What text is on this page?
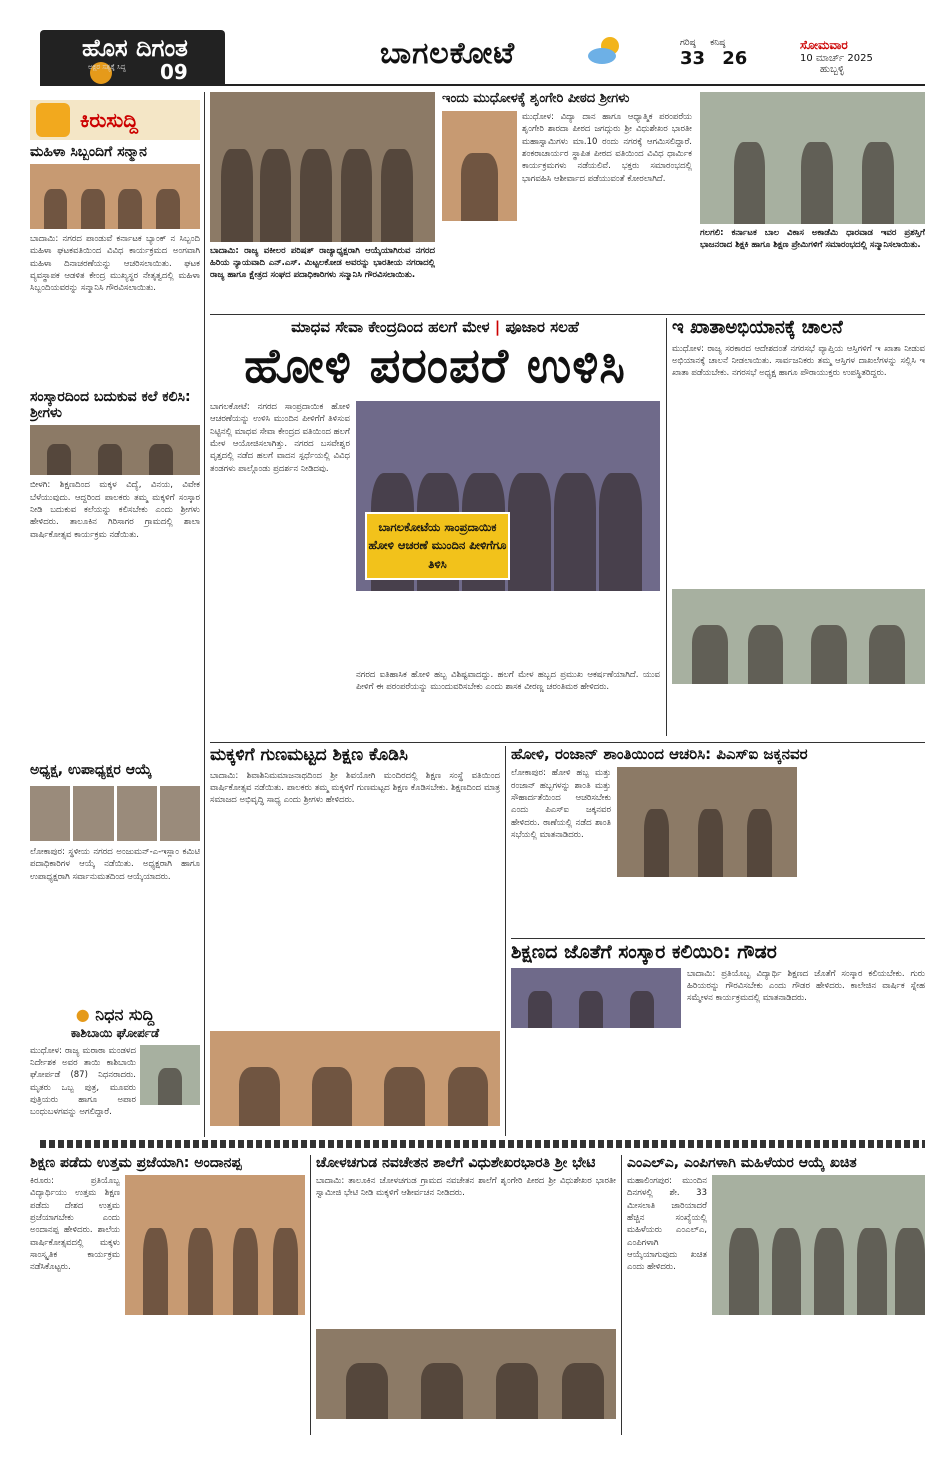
ಹೊಸ ದಿಗಂತ
ಅಕ್ಷರ ಸತ್ಯಕ್ಕೆ ಸಿದ್ಧ 09
ಬಾಗಲಕೋಟೆ	ಗರಿಷ್ಠ ಕನಿಷ್ಠ
33 26
ಸೋಮವಾರ
10 ಮಾರ್ಚ್ 2025
ಹುಬ್ಬಳ್ಳಿ
ಕಿರುಸುದ್ದಿ
ಮಹಿಳಾ ಸಿಬ್ಬಂದಿಗೆ ಸನ್ಮಾನ
ಬಾದಾಮಿ: ನಗರದ ಪಾಂಡುವೆ ಕರ್ನಾಟಕ ಬ್ಯಾಂಕ್ ನ ಸಿಬ್ಬಂದಿ ಮಹಿಳಾ ಘಟಕವತಿಯಿಂದ ವಿವಿಧ ಕಾರ್ಯಕ್ರಮದ ಅಂಗವಾಗಿ ಮಹಿಳಾ ದಿನಾಚರಣೆಯನ್ನು ಆಚರಿಸಲಾಯಿತು. ಘಟಕ ವ್ಯವಸ್ಥಾಪಕ ಆಡಳಿತ ಕೇಂದ್ರ ಮುಖ್ಯಸ್ಥರ ನೇತೃತ್ವದಲ್ಲಿ ಮಹಿಳಾ ಸಿಬ್ಬಂದಿಯವರನ್ನು ಸನ್ಮಾನಿಸಿ ಗೌರವಿಸಲಾಯಿತು.
ಸಂಸ್ಕಾರದಿಂದ ಬದುಕುವ ಕಲೆ ಕಲಿಸಿ: ಶ್ರೀಗಳು
ಬೀಳಗಿ: ಶಿಕ್ಷಣದಿಂದ ಮಕ್ಕಳ ವಿದ್ಯೆ, ವಿನಯ, ವಿವೇಕ ಬೆಳೆಯುವುದು. ಆದ್ದರಿಂದ ಪಾಲಕರು ತಮ್ಮ ಮಕ್ಕಳಿಗೆ ಸಂಸ್ಕಾರ ನೀಡಿ ಬದುಕುವ ಕಲೆಯನ್ನು ಕಲಿಸಬೇಕು ಎಂದು ಶ್ರೀಗಳು ಹೇಳಿದರು. ತಾಲೂಕಿನ ಗಿರಿಸಾಗರ ಗ್ರಾಮದಲ್ಲಿ ಶಾಲಾ ವಾರ್ಷಿಕೋತ್ಸವ ಕಾರ್ಯಕ್ರಮ ನಡೆಯಿತು.
ಅಧ್ಯಕ್ಷ, ಉಪಾಧ್ಯಕ್ಷರ ಆಯ್ಕೆ
ಲೋಕಾಪುರ: ಸ್ಥಳೀಯ ನಗರದ ಅಂಜುಮನ್-ಎ-ಇಸ್ಲಾಂ ಕಮಿಟಿ ಪದಾಧಿಕಾರಿಗಳ ಆಯ್ಕೆ ನಡೆಯಿತು. ಅಧ್ಯಕ್ಷರಾಗಿ ಹಾಗೂ ಉಪಾಧ್ಯಕ್ಷರಾಗಿ ಸರ್ವಾನುಮತದಿಂದ ಆಯ್ಕೆಯಾದರು.
● ನಿಧನ ಸುದ್ದಿ
ಕಾಶಿಬಾಯಿ ಘೋರ್ಪಡೆ
ಮುಧೋಳ: ರಾಜ್ಯ ಮರಾಠಾ ಮಂಡಳದ ನಿರ್ದೇಶಕ ಅವರ ತಾಯಿ ಕಾಶಿಬಾಯಿ ಘೋರ್ಪಡೆ (87) ನಿಧನರಾದರು. ಮೃತರು ಒಬ್ಬ ಪುತ್ರ, ಮೂವರು ಪುತ್ರಿಯರು ಹಾಗೂ ಅಪಾರ ಬಂಧುಬಳಗವನ್ನು ಅಗಲಿದ್ದಾರೆ.
ಬಾದಾಮಿ: ರಾಜ್ಯ ವಕೀಲರ ಪರಿಷತ್ ರಾಜ್ಯಾಧ್ಯಕ್ಷರಾಗಿ ಆಯ್ಕೆಯಾಗಿರುವ ನಗರದ ಹಿರಿಯ ನ್ಯಾಯವಾದಿ ಎನ್.ಎಸ್. ಮಿಟ್ಟಲಕೋಡ ಅವರನ್ನು ಭಾರತೀಯ ನಗರಾದಲ್ಲಿ ರಾಜ್ಯ ಹಾಗೂ ಕ್ಷೇತ್ರದ ಸಂಘದ ಪದಾಧಿಕಾರಿಗಳು ಸನ್ಮಾನಿಸಿ ಗೌರವಿಸಲಾಯಿತು.
ಇಂದು ಮುಧೋಳಕ್ಕೆ ಶೃಂಗೇರಿ ಪೀಠದ ಶ್ರೀಗಳು
ಮುಧೋಳ: ವಿದ್ಯಾ ದಾನ ಹಾಗೂ ಆಧ್ಯಾತ್ಮಿಕ ಪರಂಪರೆಯ ಶೃಂಗೇರಿ ಶಾರದಾ ಪೀಠದ ಜಗದ್ಗುರು ಶ್ರೀ ವಿಧುಶೇಖರ ಭಾರತೀ ಮಹಾಸ್ವಾಮಿಗಳು ಮಾ.10 ರಂದು ನಗರಕ್ಕೆ ಆಗಮಿಸಲಿದ್ದಾರೆ. ಶಂಕರಾಚಾರ್ಯರ ಸ್ಥಾಪಿತ ಪೀಠದ ವತಿಯಿಂದ ವಿವಿಧ ಧಾರ್ಮಿಕ ಕಾರ್ಯಕ್ರಮಗಳು ನಡೆಯಲಿವೆ. ಭಕ್ತರು ಸಮಾರಂಭದಲ್ಲಿ ಭಾಗವಹಿಸಿ ಆಶೀರ್ವಾದ ಪಡೆಯುವಂತೆ ಕೋರಲಾಗಿದೆ.
ಗಲಗಲಿ: ಕರ್ನಾಟಕ ಬಾಲ ವಿಕಾಸ ಅಕಾಡೆಮಿ ಧಾರವಾಡ ಇವರ ಪ್ರಶಸ್ತಿಗೆ ಭಾಜನರಾದ ಶಿಕ್ಷಕಿ ಹಾಗೂ ಶಿಕ್ಷಣ ಪ್ರೇಮಿಗಳಿಗೆ ಸಮಾರಂಭದಲ್ಲಿ ಸನ್ಮಾನಿಸಲಾಯಿತು.
ಮಾಧವ ಸೇವಾ ಕೇಂದ್ರದಿಂದ ಹಲಗೆ ಮೇಳ | ಪೂಜಾರ ಸಲಹೆ
ಹೋಳಿ ಪರಂಪರೆ ಉಳಿಸಿ
ಬಾಗಲಕೋಟೆ: ನಗರದ ಸಾಂಪ್ರದಾಯಿಕ ಹೋಳಿ ಆಚರಣೆಯನ್ನು ಉಳಿಸಿ ಮುಂದಿನ ಪೀಳಿಗೆಗೆ ತಿಳಿಸುವ ನಿಟ್ಟಿನಲ್ಲಿ ಮಾಧವ ಸೇವಾ ಕೇಂದ್ರದ ವತಿಯಿಂದ ಹಲಗೆ ಮೇಳ ಆಯೋಜಿಸಲಾಗಿತ್ತು. ನಗರದ ಬಸವೇಶ್ವರ ವೃತ್ತದಲ್ಲಿ ನಡೆದ ಹಲಗೆ ವಾದನ ಸ್ಪರ್ಧೆಯಲ್ಲಿ ವಿವಿಧ ತಂಡಗಳು ಪಾಲ್ಗೊಂಡು ಪ್ರದರ್ಶನ ನೀಡಿದವು.
ನಗರದ ಐತಿಹಾಸಿಕ ಹೋಳಿ ಹಬ್ಬ ವಿಶಿಷ್ಟವಾದದ್ದು. ಹಲಗೆ ಮೇಳ ಹಬ್ಬದ ಪ್ರಮುಖ ಆಕರ್ಷಣೆಯಾಗಿದೆ. ಯುವ ಪೀಳಿಗೆ ಈ ಪರಂಪರೆಯನ್ನು ಮುಂದುವರಿಸಬೇಕು ಎಂದು ಶಾಸಕ ವೀರಣ್ಣ ಚರಂತಿಮಠ ಹೇಳಿದರು.
ಬಾಗಲಕೋಟೆಯ ಸಾಂಪ್ರದಾಯಿಕ ಹೋಳಿ ಆಚರಣೆ ಮುಂದಿನ ಪೀಳಿಗೆಗೂ ತಿಳಿಸಿ
ಇ ಖಾತಾಅಭಿಯಾನಕ್ಕೆ ಚಾಲನೆ
ಮುಧೋಳ: ರಾಜ್ಯ ಸರಕಾರದ ಆದೇಶದಂತೆ ನಗರಸಭೆ ವ್ಯಾಪ್ತಿಯ ಆಸ್ತಿಗಳಿಗೆ ಇ ಖಾತಾ ನೀಡುವ ಅಭಿಯಾನಕ್ಕೆ ಚಾಲನೆ ನೀಡಲಾಯಿತು. ಸಾರ್ವಜನಿಕರು ತಮ್ಮ ಆಸ್ತಿಗಳ ದಾಖಲೆಗಳನ್ನು ಸಲ್ಲಿಸಿ ಇ ಖಾತಾ ಪಡೆಯಬೇಕು. ನಗರಸಭೆ ಅಧ್ಯಕ್ಷ ಹಾಗೂ ಪೌರಾಯುಕ್ತರು ಉಪಸ್ಥಿತರಿದ್ದರು.
ಮಕ್ಕಳಿಗೆ ಗುಣಮಟ್ಟದ ಶಿಕ್ಷಣ ಕೊಡಿಸಿ
ಬಾದಾಮಿ: ಶಿವಾಶಿನಿಮಮಾಜನಾಥದಿಂದ ಶ್ರೀ ಶಿವಯೋಗಿ ಮಂದಿರದಲ್ಲಿ ಶಿಕ್ಷಣ ಸಂಸ್ಥೆ ವತಿಯಿಂದ ವಾರ್ಷಿಕೋತ್ಸವ ನಡೆಯಿತು. ಪಾಲಕರು ತಮ್ಮ ಮಕ್ಕಳಿಗೆ ಗುಣಮಟ್ಟದ ಶಿಕ್ಷಣ ಕೊಡಿಸಬೇಕು. ಶಿಕ್ಷಣದಿಂದ ಮಾತ್ರ ಸಮಾಜದ ಅಭಿವೃದ್ಧಿ ಸಾಧ್ಯ ಎಂದು ಶ್ರೀಗಳು ಹೇಳಿದರು.
ಹೋಳಿ, ರಂಜಾನ್ ಶಾಂತಿಯಿಂದ ಆಚರಿಸಿ: ಪಿಎಸ್ಐ ಜಕ್ಕನವರ
ಲೋಕಾಪುರ: ಹೋಳಿ ಹಬ್ಬ ಮತ್ತು ರಂಜಾನ್ ಹಬ್ಬಗಳನ್ನು ಶಾಂತಿ ಮತ್ತು ಸೌಹಾರ್ದತೆಯಿಂದ ಆಚರಿಸಬೇಕು ಎಂದು ಪಿಎಸ್ಐ ಜಕ್ಕನವರ ಹೇಳಿದರು. ಠಾಣೆಯಲ್ಲಿ ನಡೆದ ಶಾಂತಿ ಸಭೆಯಲ್ಲಿ ಮಾತನಾಡಿದರು.
ಶಿಕ್ಷಣದ ಜೊತೆಗೆ ಸಂಸ್ಕಾರ ಕಲಿಯಿರಿ: ಗೌಡರ
ಬಾದಾಮಿ: ಪ್ರತಿಯೊಬ್ಬ ವಿದ್ಯಾರ್ಥಿ ಶಿಕ್ಷಣದ ಜೊತೆಗೆ ಸಂಸ್ಕಾರ ಕಲಿಯಬೇಕು. ಗುರು ಹಿರಿಯರನ್ನು ಗೌರವಿಸಬೇಕು ಎಂದು ಗೌಡರ ಹೇಳಿದರು. ಕಾಲೇಜಿನ ವಾರ್ಷಿಕ ಸ್ನೇಹ ಸಮ್ಮೇಳನ ಕಾರ್ಯಕ್ರಮದಲ್ಲಿ ಮಾತನಾಡಿದರು.
ಶಿಕ್ಷಣ ಪಡೆದು ಉತ್ತಮ ಪ್ರಜೆಯಾಗಿ: ಅಂದಾನಪ್ಪ
ಕಿರೂರು: ಪ್ರತಿಯೊಬ್ಬ ವಿದ್ಯಾರ್ಥಿಯು ಉತ್ತಮ ಶಿಕ್ಷಣ ಪಡೆದು ದೇಶದ ಉತ್ತಮ ಪ್ರಜೆಯಾಗಬೇಕು ಎಂದು ಅಂದಾನಪ್ಪ ಹೇಳಿದರು. ಶಾಲೆಯ ವಾರ್ಷಿಕೋತ್ಸವದಲ್ಲಿ ಮಕ್ಕಳು ಸಾಂಸ್ಕೃತಿಕ ಕಾರ್ಯಕ್ರಮ ನಡೆಸಿಕೊಟ್ಟರು.
ಚೋಳಚಗುಡ ನವಚೇತನ ಶಾಲೆಗೆ ವಿಧುಶೇಖರಭಾರತಿ ಶ್ರೀ ಭೇಟಿ
ಬಾದಾಮಿ: ತಾಲೂಕಿನ ಚೋಳಚಗುಡ ಗ್ರಾಮದ ನವಚೇತನ ಶಾಲೆಗೆ ಶೃಂಗೇರಿ ಪೀಠದ ಶ್ರೀ ವಿಧುಶೇಖರ ಭಾರತೀ ಸ್ವಾಮೀಜಿ ಭೇಟಿ ನೀಡಿ ಮಕ್ಕಳಿಗೆ ಆಶೀರ್ವಚನ ನೀಡಿದರು.
ಎಂಎಲ್ಎ, ಎಂಪಿಗಳಾಗಿ ಮಹಿಳೆಯರ ಆಯ್ಕೆ ಖಚಿತ
ಮಹಾಲಿಂಗಪುರ: ಮುಂದಿನ ದಿನಗಳಲ್ಲಿ ಶೇ. 33 ಮೀಸಲಾತಿ ಜಾರಿಯಾದರೆ ಹೆಚ್ಚಿನ ಸಂಖ್ಯೆಯಲ್ಲಿ ಮಹಿಳೆಯರು ಎಂಎಲ್ಎ, ಎಂಪಿಗಳಾಗಿ ಆಯ್ಕೆಯಾಗುವುದು ಖಚಿತ ಎಂದು ಹೇಳಿದರು.
